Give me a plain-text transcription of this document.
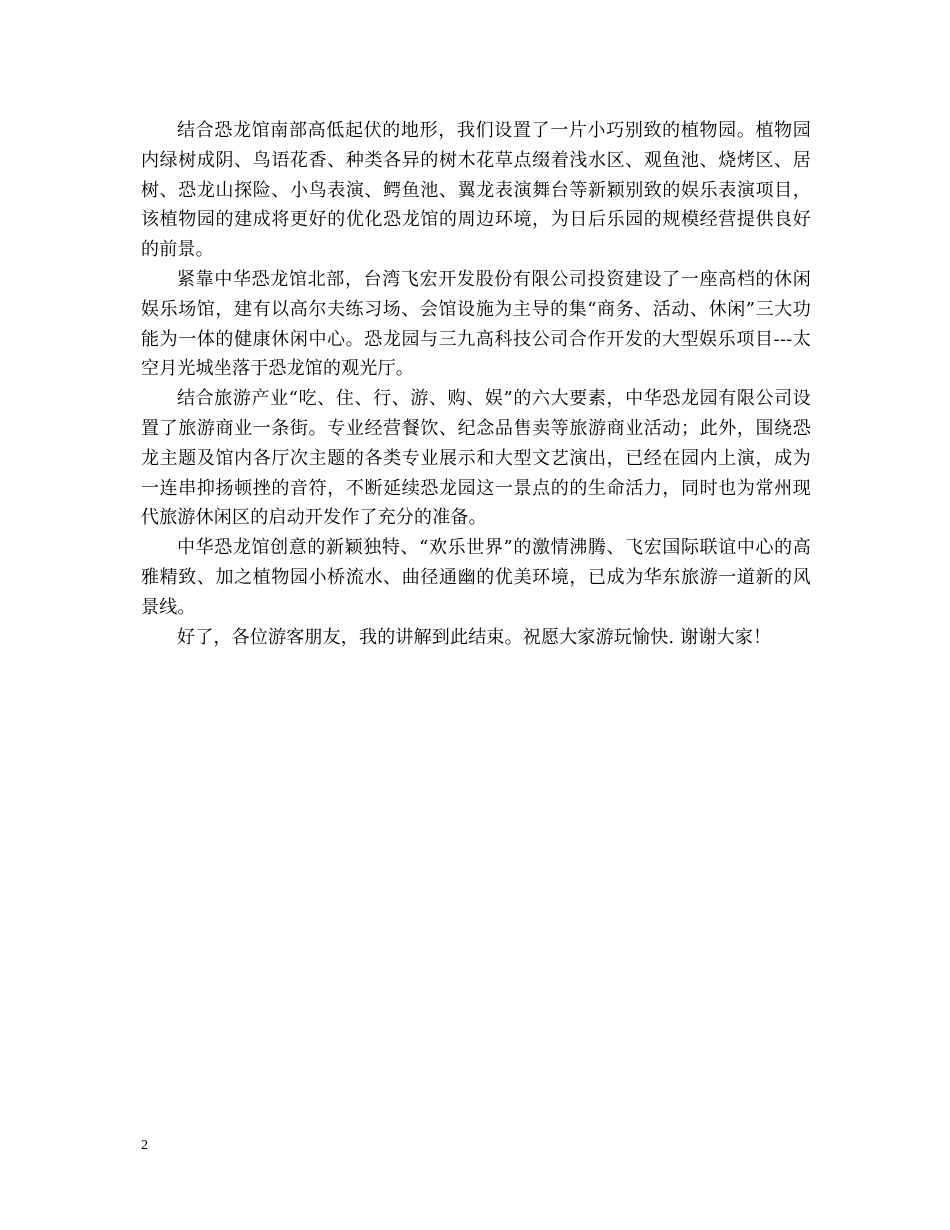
结合恐龙馆南部高低起伏的地形，我们设置了一片小巧别致的植物园。植物园内绿树成阴、鸟语花香、种类各异的树木花草点缀着浅水区、观鱼池、烧烤区、居树、恐龙山探险、小鸟表演、鳄鱼池、翼龙表演舞台等新颖别致的娱乐表演项目，该植物园的建成将更好的优化恐龙馆的周边环境，为日后乐园的规模经营提供良好的前景。

紧靠中华恐龙馆北部，台湾飞宏开发股份有限公司投资建设了一座高档的休闲娱乐场馆，建有以高尔夫练习场、会馆设施为主导的集“商务、活动、休闲”三大功能为一体的健康休闲中心。恐龙园与三九高科技公司合作开发的大型娱乐项目---太空月光城坐落于恐龙馆的观光厅。

结合旅游产业“吃、住、行、游、购、娱”的六大要素，中华恐龙园有限公司设置了旅游商业一条街。专业经营餐饮、纪念品售卖等旅游商业活动；此外，围绕恐龙主题及馆内各厅次主题的各类专业展示和大型文艺演出，已经在园内上演，成为一连串抑扬顿挫的音符，不断延续恐龙园这一景点的的生命活力，同时也为常州现代旅游休闲区的启动开发作了充分的准备。

中华恐龙馆创意的新颖独特、“欢乐世界”的激情沸腾、飞宏国际联谊中心的高雅精致、加之植物园小桥流水、曲径通幽的优美环境，已成为华东旅游一道新的风景线。

好了，各位游客朋友，我的讲解到此结束。祝愿大家游玩愉快. 谢谢大家！

2
